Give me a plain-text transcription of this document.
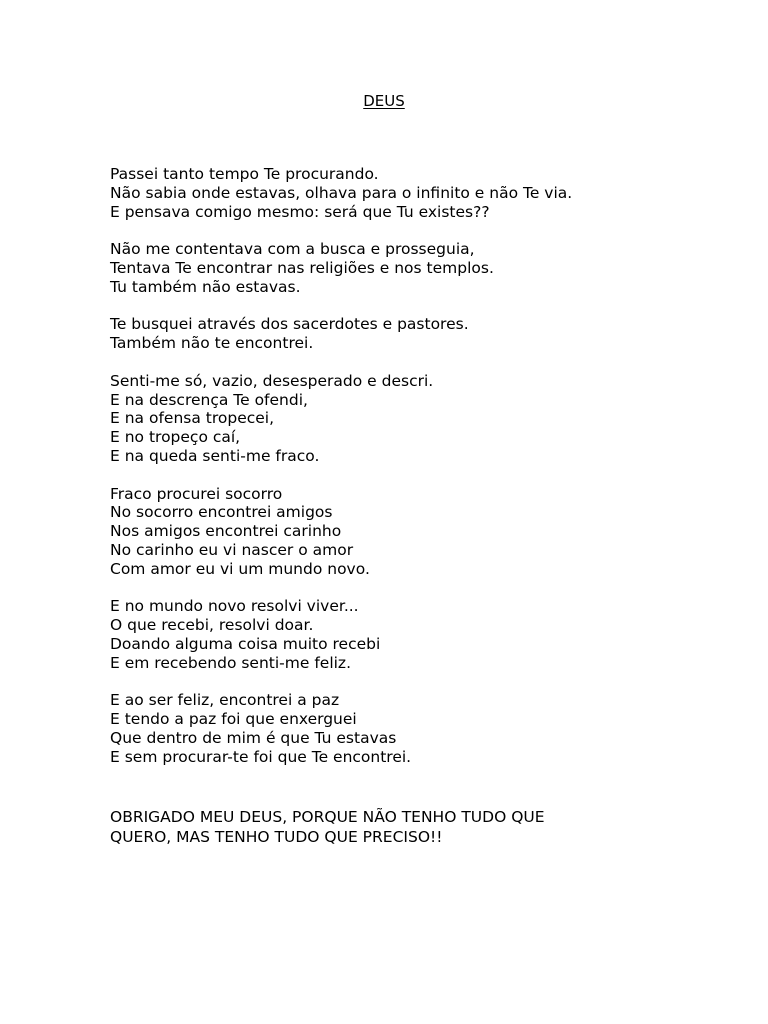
DEUS
Passei tanto tempo Te procurando.
Não sabia onde estavas, olhava para o infinito e não Te via.
E pensava comigo mesmo: será que Tu existes??
Não me contentava com a busca e prosseguia,
Tentava Te encontrar nas religiões e nos templos.
Tu também não estavas.
Te busquei através dos sacerdotes e pastores.
Também não te encontrei.
Senti-me só, vazio, desesperado e descri.
E na descrença Te ofendi,
E na ofensa tropecei,
E no tropeço caí,
E na queda senti-me fraco.
Fraco procurei socorro
No socorro encontrei amigos
Nos amigos encontrei carinho
No carinho eu vi nascer o amor
Com amor eu vi um mundo novo.
E no mundo novo resolvi viver...
O que recebi, resolvi doar.
Doando alguma coisa muito recebi
E em recebendo senti-me feliz.
E ao ser feliz, encontrei a paz
E tendo a paz foi que enxerguei
Que dentro de mim é que Tu estavas
E sem procurar-te foi que Te encontrei.
OBRIGADO MEU DEUS, PORQUE NÃO TENHO TUDO QUE
QUERO, MAS TENHO TUDO QUE PRECISO!!
